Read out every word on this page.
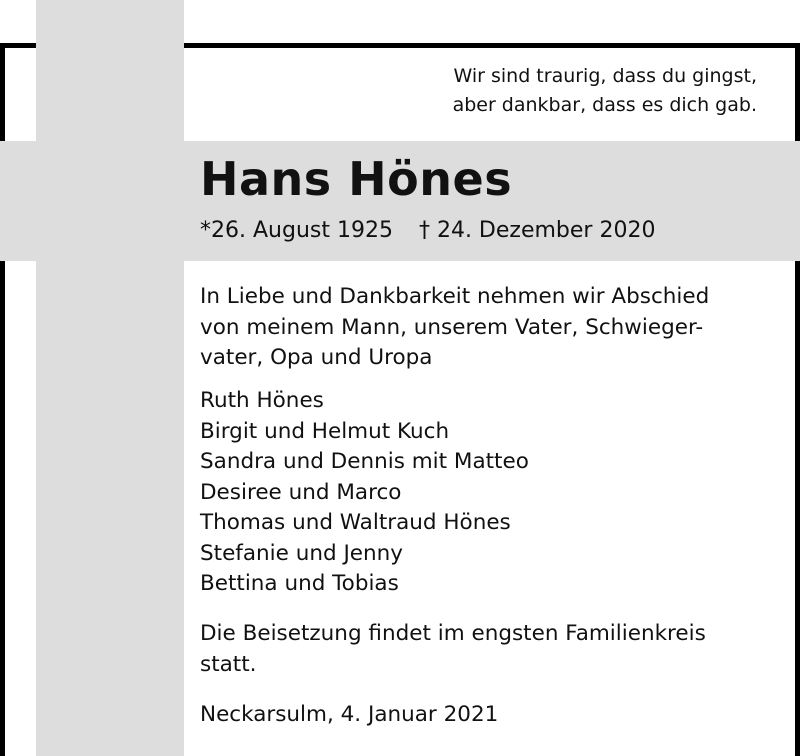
Wir sind traurig, dass du gingst,
aber dankbar, dass es dich gab.
Hans Hönes
*26. August 1925 † 24. Dezember 2020
In Liebe und Dankbarkeit nehmen wir Abschied
von meinem Mann, unserem Vater, Schwieger-
vater, Opa und Uropa
Ruth Hönes
Birgit und Helmut Kuch
Sandra und Dennis mit Matteo
Desiree und Marco
Thomas und Waltraud Hönes
Stefanie und Jenny
Bettina und Tobias
Die Beisetzung findet im engsten Familienkreis
statt.
Neckarsulm, 4. Januar 2021
